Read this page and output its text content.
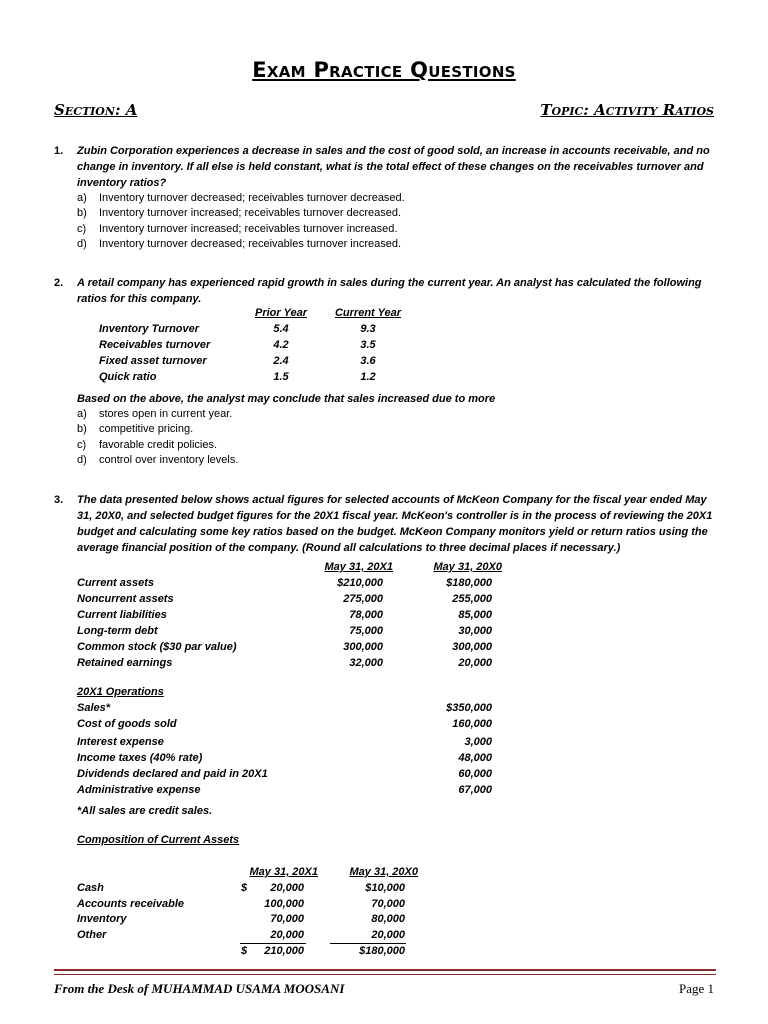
Exam Practice Questions
Section: A	Topic: Activity Ratios
1. Zubin Corporation experiences a decrease in sales and the cost of good sold, an increase in accounts receivable, and no change in inventory. If all else is held constant, what is the total effect of these changes on the receivables turnover and inventory ratios?
a) Inventory turnover decreased; receivables turnover decreased.
b) Inventory turnover increased; receivables turnover decreased.
c) Inventory turnover increased; receivables turnover increased.
d) Inventory turnover decreased; receivables turnover increased.
2. A retail company has experienced rapid growth in sales during the current year. An analyst has calculated the following ratios for this company.
Prior Year	Current Year
Inventory Turnover	5.4	9.3
Receivables turnover	4.2	3.5
Fixed asset turnover	2.4	3.6
Quick ratio	1.5	1.2
Based on the above, the analyst may conclude that sales increased due to more
a) stores open in current year.
b) competitive pricing.
c) favorable credit policies.
d) control over inventory levels.
3. The data presented below shows actual figures for selected accounts of McKeon Company for the fiscal year ended May 31, 20X0, and selected budget figures for the 20X1 fiscal year. McKeon's controller is in the process of reviewing the 20X1 budget and calculating some key ratios based on the budget. McKeon Company monitors yield or return ratios using the average financial position of the company. (Round all calculations to three decimal places if necessary.)
May 31, 20X1	May 31, 20X0
Current assets	$210,000	$180,000
Noncurrent assets	275,000	255,000
Current liabilities	78,000	85,000
Long-term debt	75,000	30,000
Common stock ($30 par value)	300,000	300,000
Retained earnings	32,000	20,000
20X1 Operations
Sales*	$350,000
Cost of goods sold	160,000
Interest expense	3,000
Income taxes (40% rate)	48,000
Dividends declared and paid in 20X1	60,000
Administrative expense	67,000
*All sales are credit sales.
Composition of Current Assets
May 31, 20X1	May 31, 20X0
Cash	$	20,000	$10,000
Accounts receivable	100,000	70,000
Inventory	70,000	80,000
Other	20,000	20,000
$	210,000	$180,000
From the Desk of MUHAMMAD USAMA MOOSANI	Page 1
